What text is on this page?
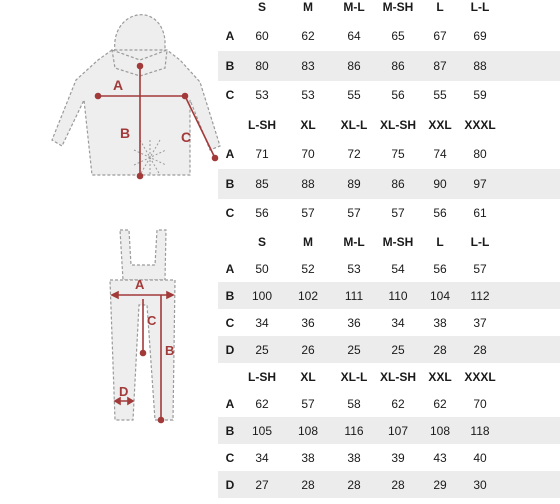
A
B	C
A
C
B
D
S	M	M-L	M-SH	L	L-L
A	60	62	64	65	67	69
B	80	83	86	86	87	88
C	53	53	55	56	55	59
L-SH	XL	XL-L	XL-SH	XXL	XXXL
A	71	70	72	75	74	80
B	85	88	89	86	90	97
C	56	57	57	57	56	61
S	M	M-L	M-SH	L	L-L
A	50	52	53	54	56	57
B	100	102	111	110	104	112
C	34	36	36	34	38	37
D	25	26	25	25	28	28
L-SH	XL	XL-L	XL-SH	XXL	XXXL
A	62	57	58	62	62	70
B	105	108	116	107	108	118
C	34	38	38	39	43	40
D	27	28	28	28	29	30
